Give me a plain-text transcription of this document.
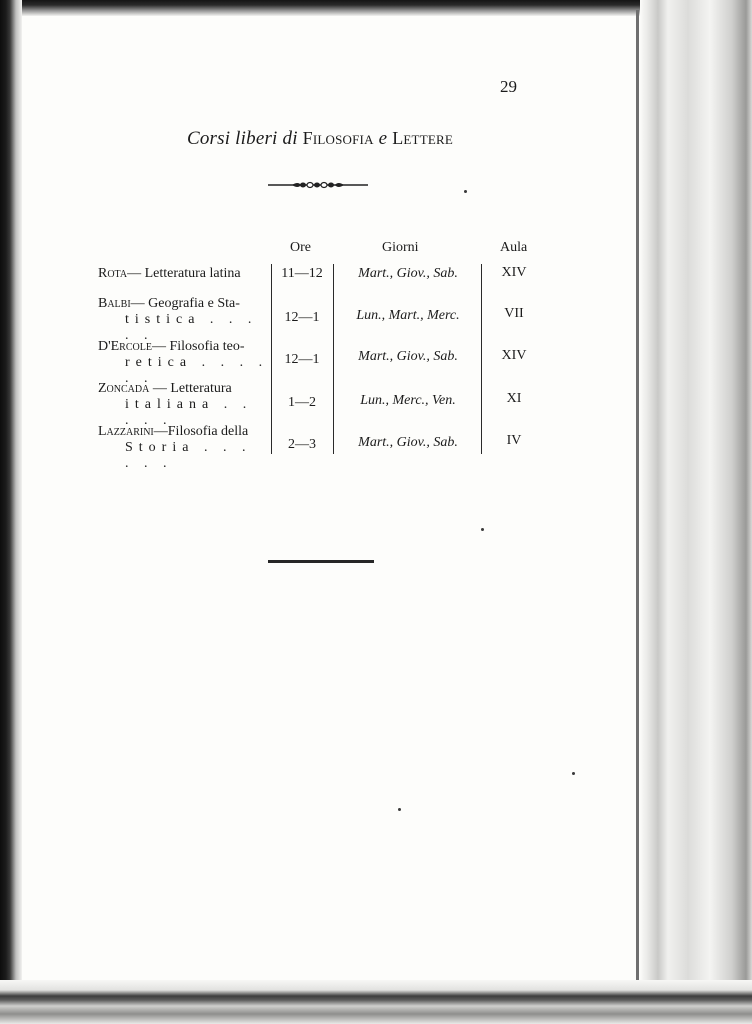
29
Corsi liberi di Filosofia e Lettere
Ore	Giorni	Aula
Rota— Letteratura latina	11—12	Mart., Giov., Sab.	XIV
Balbi— Geografia e Sta-
tistica . . . . .
12—1	Lun., Mart., Merc.	VII
D'Ercole— Filosofia teo-
retica . . . . . .
12—1	Mart., Giov., Sab.	XIV
Zoncada — Letteratura
italiana . . . . .
1—2	Lun., Merc., Ven.	XI
Lazzarini—Filosofia della
Storia . . . . . .
2—3	Mart., Giov., Sab.	IV
